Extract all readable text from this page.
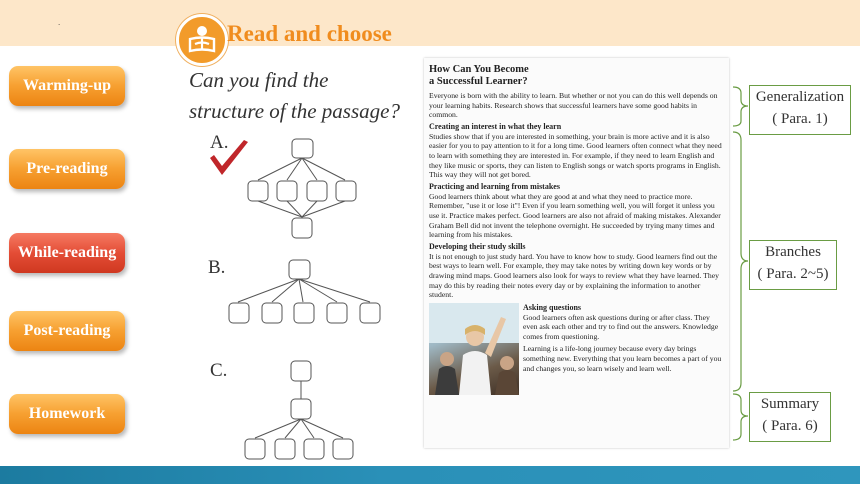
.	Read and choose
Warming-up
Pre-reading
While-reading
Post-reading
Homework
Can you find the
structure of the passage?
A.
B.
C.
How Can You Become
a Successful Learner?

Everyone is born with the ability to learn. But whether or not you can do this well depends on your learning habits. Research shows that successful learners have some good habits in common.

Creating an interest in what they learn

Studies show that if you are interested in something, your brain is more active and it is also easier for you to pay attention to it for a long time. Good learners often connect what they need to learn with something they are interested in. For example, if they need to learn English and they like music or sports, they can listen to English songs or watch sports programs in English. This way they will not get bored.

Practicing and learning from mistakes

Good learners think about what they are good at and what they need to practice more. Remember, "use it or lose it"! Even if you learn something well, you will forget it unless you use it. Practice makes perfect. Good learners are also not afraid of making mistakes. Alexander Graham Bell did not invent the telephone overnight. He succeeded by trying many times and learning from his mistakes.

Developing their study skills

It is not enough to just study hard. You have to know how to study. Good learners find out the best ways to learn well. For example, they may take notes by writing down key words or by drawing mind maps. Good learners also look for ways to review what they have learned. They may do this by reading their notes every day or by explaining the information to another student.

Asking questions

Good learners often ask questions during or after class. They even ask each other and try to find out the answers. Knowledge comes from questioning.

Learning is a life-long journey because every day brings something new. Everything that you learn becomes a part of you and changes you, so learn wisely and learn well.

Generalization
( Para. 1)
Branches
( Para. 2~5)
Summary
( Para. 6)
